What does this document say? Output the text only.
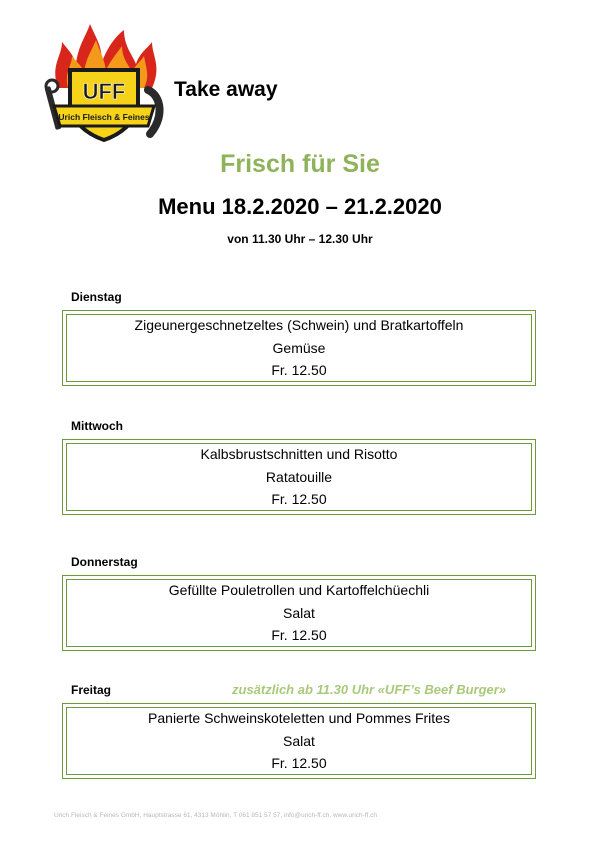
UFF
Urich Fleisch & Feines
Take away
Frisch für Sie
Menu 18.2.2020 – 21.2.2020
von 11.30 Uhr – 12.30 Uhr
Dienstag
Zigeunergeschnetzeltes (Schwein) und Bratkartoffeln
Gemüse
Fr. 12.50
Mittwoch
Kalbsbrustschnitten und Risotto
Ratatouille
Fr. 12.50
Donnerstag
Gefüllte Pouletrollen und Kartoffelchüechli
Salat
Fr. 12.50
Freitag	zusätzlich ab 11.30 Uhr «UFF’s Beef Burger»
Panierte Schweinskoteletten und Pommes Frites
Salat
Fr. 12.50
Urich Fleisch & Feines GmbH, Hauptstrasse 61, 4313 Möhlin, T 061 851 57 57, info@urich-ff.ch, www.urich-ff.ch
